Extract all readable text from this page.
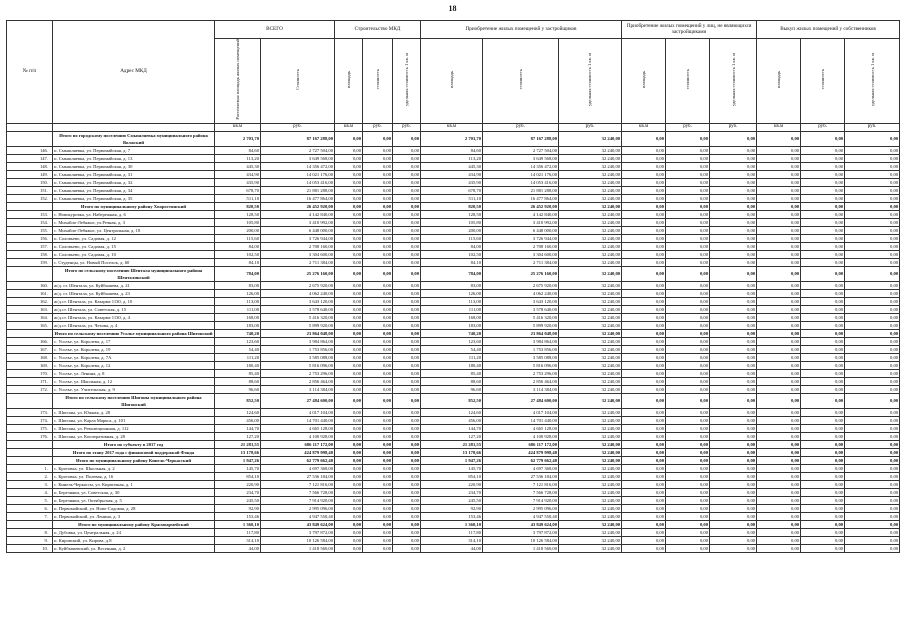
18
№ п/п	Адрес МКД	ВСЕГО		Строительство МКД			Приобретение жилых помещений у застройщиков			Приобретение жилых помещений у лиц, не являющихся застройщиками			Выкуп жилых помещений у собственников		
		Расселяемая площадь жилых помещений	Стоимость	площадь	стоимость	удельная стоимость 1 кв. м	площадь	стоимость	удельная стоимость 1 кв. м	площадь	стоимость	удельная стоимость 1 кв. м	площадь	стоимость	удельная стоимость 1 кв. м
		кв.м	руб.	кв.м	руб.	руб.	кв.м	руб.	руб.	кв.м	руб.	руб.	кв.м	руб.	руб.
	Итого по городскому поселению Смышляевка муниципального района Волжский	2 703,70	87 167 288,00	0,00	0,00	0,00	2 703,70	87 167 288,00	32 240,00	0,00	0,00	0,00	0,00	0,00	0,00
146.	п. Смышляевка, ул. Первомайская, д. 7	84,60	2 727 504,00	0,00	0,00	0,00	84,60	2 727 504,00	32 240,00	0,00	0,00	0,00	0,00	0,00	0,00
147.	п. Смышляевка, ул. Первомайская, д. 13	113,20	3 649 568,00	0,00	0,00	0,00	113,20	3 649 568,00	32 240,00	0,00	0,00	0,00	0,00	0,00	0,00
148.	п. Смышляевка, ул. Первомайская, д. 30	445,30	14 356 472,00	0,00	0,00	0,00	445,30	14 356 472,00	32 240,00	0,00	0,00	0,00	0,00	0,00	0,00
149.	п. Смышляевка, ул. Первомайская, д. 31	434,90	14 021 176,00	0,00	0,00	0,00	434,90	14 021 176,00	32 240,00	0,00	0,00	0,00	0,00	0,00	0,00
150.	п. Смышляевка, ул. Первомайская, д. 32	435,90	14 053 416,00	0,00	0,00	0,00	435,90	14 053 416,00	32 240,00	0,00	0,00	0,00	0,00	0,00	0,00
151.	п. Смышляевка, ул. Первомайская, д. 34	678,70	21 881 288,00	0,00	0,00	0,00	678,70	21 881 288,00	32 240,00	0,00	0,00	0,00	0,00	0,00	0,00
152.	п. Смышляевка, ул. Первомайская, д. 35	511,10	16 477 864,00	0,00	0,00	0,00	511,10	16 477 864,00	32 240,00	0,00	0,00	0,00	0,00	0,00	0,00
	Итого по муниципальному району Хворостянский	820,50	26 452 920,00	0,00	0,00	0,00	820,50	26 452 920,00	32 240,00	0,00	0,00	0,00	0,00	0,00	0,00
153.	с. Новокуровка, ул. Набережная, д. 6	128,50	4 142 840,00	0,00	0,00	0,00	128,50	4 142 840,00	32 240,00	0,00	0,00	0,00	0,00	0,00	0,00
154.	с. Михайло-Лебяжье, ул.Речная, д. 3	105,80	3 410 992,00	0,00	0,00	0,00	105,80	3 410 992,00	32 240,00	0,00	0,00	0,00	0,00	0,00	0,00
155.	с. Михайло-Лебяжье, ул. Центральная, д. 18	200,00	6 448 000,00	0,00	0,00	0,00	200,00	6 448 000,00	32 240,00	0,00	0,00	0,00	0,00	0,00	0,00
156.	п. Соловьево, ул. Садовая, д. 12	115,60	3 726 944,00	0,00	0,00	0,00	115,60	3 726 944,00	32 240,00	0,00	0,00	0,00	0,00	0,00	0,00
157.	п. Соловьево, ул. Садовая, д. 15	84,00	2 708 160,00	0,00	0,00	0,00	84,00	2 708 160,00	32 240,00	0,00	0,00	0,00	0,00	0,00	0,00
158.	п. Соловьево, ул. Садовая, д. 10	102,50	3 304 600,00	0,00	0,00	0,00	102,50	3 304 600,00	32 240,00	0,00	0,00	0,00	0,00	0,00	0,00
159.	с. Студенцы, ул. Новый Поселок, д. 60	84,10	2 711 384,00	0,00	0,00	0,00	84,10	2 711 384,00	32 240,00	0,00	0,00	0,00	0,00	0,00	0,00
	Итого по сельскому поселению Шентала муниципального района Шенталинский	784,00	25 276 160,00	0,00	0,00	0,00	784,00	25 276 160,00	32 240,00	0,00	0,00	0,00	0,00	0,00	0,00
160.	ж/д. ст. Шентала, ул. Куйбышева, д. 21	83,00	2 675 920,00	0,00	0,00	0,00	83,00	2 675 920,00	32 240,00	0,00	0,00	0,00	0,00	0,00	0,00
161.	ж/д. ст. Шентала, ул. Куйбышева, д. 23	126,00	4 062 240,00	0,00	0,00	0,00	126,00	4 062 240,00	32 240,00	0,00	0,00	0,00	0,00	0,00	0,00
162.	ж/д.ст. Шентала, ул. Казарма 1130, д. 10	113,00	3 643 120,00	0,00	0,00	0,00	113,00	3 643 120,00	32 240,00	0,00	0,00	0,00	0,00	0,00	0,00
163.	ж/д.ст. Шентала, ул. Советская, д. 15	111,00	3 578 640,00	0,00	0,00	0,00	111,00	3 578 640,00	32 240,00	0,00	0,00	0,00	0,00	0,00	0,00
164.	ж/д.ст. Шентала, ул. Казарма 1130, д. 4	168,00	5 416 320,00	0,00	0,00	0,00	168,00	5 416 320,00	32 240,00	0,00	0,00	0,00	0,00	0,00	0,00
165.	ж/д.ст. Шентала, ул. Чехова, д. 4	183,00	5 899 920,00	0,00	0,00	0,00	183,00	5 899 920,00	32 240,00	0,00	0,00	0,00	0,00	0,00	0,00
	Итого по сельскому поселению Усолье муниципального района Шигонский	740,20	23 864 048,00	0,00	0,00	0,00	740,20	23 864 048,00	32 240,00	0,00	0,00	0,00	0,00	0,00	0,00
166.	с. Усолье, ул. Королева, д. 17	123,60	3 984 864,00	0,00	0,00	0,00	123,60	3 984 864,00	32 240,00	0,00	0,00	0,00	0,00	0,00	0,00
167.	с. Усолье, ул. Королева, д. 19	54,40	1 753 856,00	0,00	0,00	0,00	54,40	1 753 856,00	32 240,00	0,00	0,00	0,00	0,00	0,00	0,00
168.	с. Усолье, ул. Королева, д. 7А	111,20	3 585 088,00	0,00	0,00	0,00	111,20	3 585 088,00	32 240,00	0,00	0,00	0,00	0,00	0,00	0,00
169.	с. Усолье, ул. Королева, д. 12	180,40	5 816 096,00	0,00	0,00	0,00	180,40	5 816 096,00	32 240,00	0,00	0,00	0,00	0,00	0,00	0,00
170.	с. Усолье, ул. Ленина, д. 8	85,40	2 753 296,00	0,00	0,00	0,00	85,40	2 753 296,00	32 240,00	0,00	0,00	0,00	0,00	0,00	0,00
171.	с. Усолье, ул. Школьная, д. 12	88,60	2 856 464,00	0,00	0,00	0,00	88,60	2 856 464,00	32 240,00	0,00	0,00	0,00	0,00	0,00	0,00
172.	с. Усолье, ул. Учительская, д. 9	96,60	3 114 384,00	0,00	0,00	0,00	96,60	3 114 384,00	32 240,00	0,00	0,00	0,00	0,00	0,00	0,00
	Итого по сельскому поселению Шигоны муниципального района Шигонский	852,50	27 484 600,00	0,00	0,00	0,00	852,50	27 484 600,00	32 240,00	0,00	0,00	0,00	0,00	0,00	0,00
173.	с. Шигоны, ул. Южная, д. 28	124,60	4 017 104,00	0,00	0,00	0,00	124,60	4 017 104,00	32 240,00	0,00	0,00	0,00	0,00	0,00	0,00
174.	с. Шигоны, ул. Карла Маркса, д. 101	456,00	14 701 440,00	0,00	0,00	0,00	456,00	14 701 440,00	32 240,00	0,00	0,00	0,00	0,00	0,00	0,00
175.	с. Шигоны, ул. Революционная, д. 112	144,70	4 665 128,00	0,00	0,00	0,00	144,70	4 665 128,00	32 240,00	0,00	0,00	0,00	0,00	0,00	0,00
176.	с. Шигоны, ул. Кооперативная, д. 28	127,20	4 100 928,00	0,00	0,00	0,00	127,20	4 100 928,00	32 240,00	0,00	0,00	0,00	0,00	0,00	0,00
	Итого по субъекту в 2017 год	21 281,55	686 117 172,00	0,00	0,00	0,00	21 281,55	686 117 172,00	32 240,00	0,00	0,00	0,00	0,00	0,00	0,00
	Итого по этапу 2017 года с финансовой поддержкой Фонда	13 178,66	424 879 998,40	0,00	0,00	0,00	13 178,66	424 879 998,40	32 240,00	0,00	0,00	0,00	0,00	0,00	0,00
	Итого по муниципальному району Кинель-Черкасский	1 947,26	62 779 662,40	0,00	0,00	0,00	1 947,26	62 779 662,40	32 240,00	0,00	0,00	0,00	0,00	0,00	0,00
1.	с. Кротовка, ул. Школьная, д. 2	145,70	4 697 368,00	0,00	0,00	0,00	145,70	4 697 368,00	32 240,00	0,00	0,00	0,00	0,00	0,00	0,00
2.	с. Кротовка, ул. Полевая, д. 16	854,10	27 536 184,00	0,00	0,00	0,00	854,10	27 536 184,00	32 240,00	0,00	0,00	0,00	0,00	0,00	0,00
3.	с. Кинель-Черкассы, ул. Кирпичная, д. 1	220,90	7 121 816,00	0,00	0,00	0,00	220,90	7 121 816,00	32 240,00	0,00	0,00	0,00	0,00	0,00	0,00
4.	п. Березняки, ул. Советская, д. 30	234,70	7 566 728,00	0,00	0,00	0,00	234,70	7 566 728,00	32 240,00	0,00	0,00	0,00	0,00	0,00	0,00
5.	п. Березняки, ул. Октябрьская, д. 5	245,50	7 914 920,00	0,00	0,00	0,00	245,50	7 914 920,00	32 240,00	0,00	0,00	0,00	0,00	0,00	0,00
6.	п. Первомайский, ул. Ново-Садовая, д. 28	92,90	2 995 096,00	0,00	0,00	0,00	92,90	2 995 096,00	32 240,00	0,00	0,00	0,00	0,00	0,00	0,00
7.	п. Первомайский, ул. Ленина, д. 3	153,46	4 947 550,40	0,00	0,00	0,00	153,46	4 947 550,40	32 240,00	0,00	0,00	0,00	0,00	0,00	0,00
	Итого по муниципальному району Красноармейский	1 360,10	43 849 624,00	0,00	0,00	0,00	1 360,10	43 849 624,00	32 240,00	0,00	0,00	0,00	0,00	0,00	0,00
8.	п. Дубовка, ул. Центральная, д. 24	117,80	3 797 872,00	0,00	0,00	0,00	117,80	3 797 872,00	32 240,00	0,00	0,00	0,00	0,00	0,00	0,00
9.	п. Кировский, ул. Кирова, д.8	314,10	10 126 584,00	0,00	0,00	0,00	314,10	10 126 584,00	32 240,00	0,00	0,00	0,00	0,00	0,00	0,00
10.	п. Куйбышевский, ул. Весенняя, д. 2	44,00	1 418 560,00	0,00	0,00	0,00	44,00	1 418 560,00	32 240,00	0,00	0,00	0,00	0,00	0,00	0,00
